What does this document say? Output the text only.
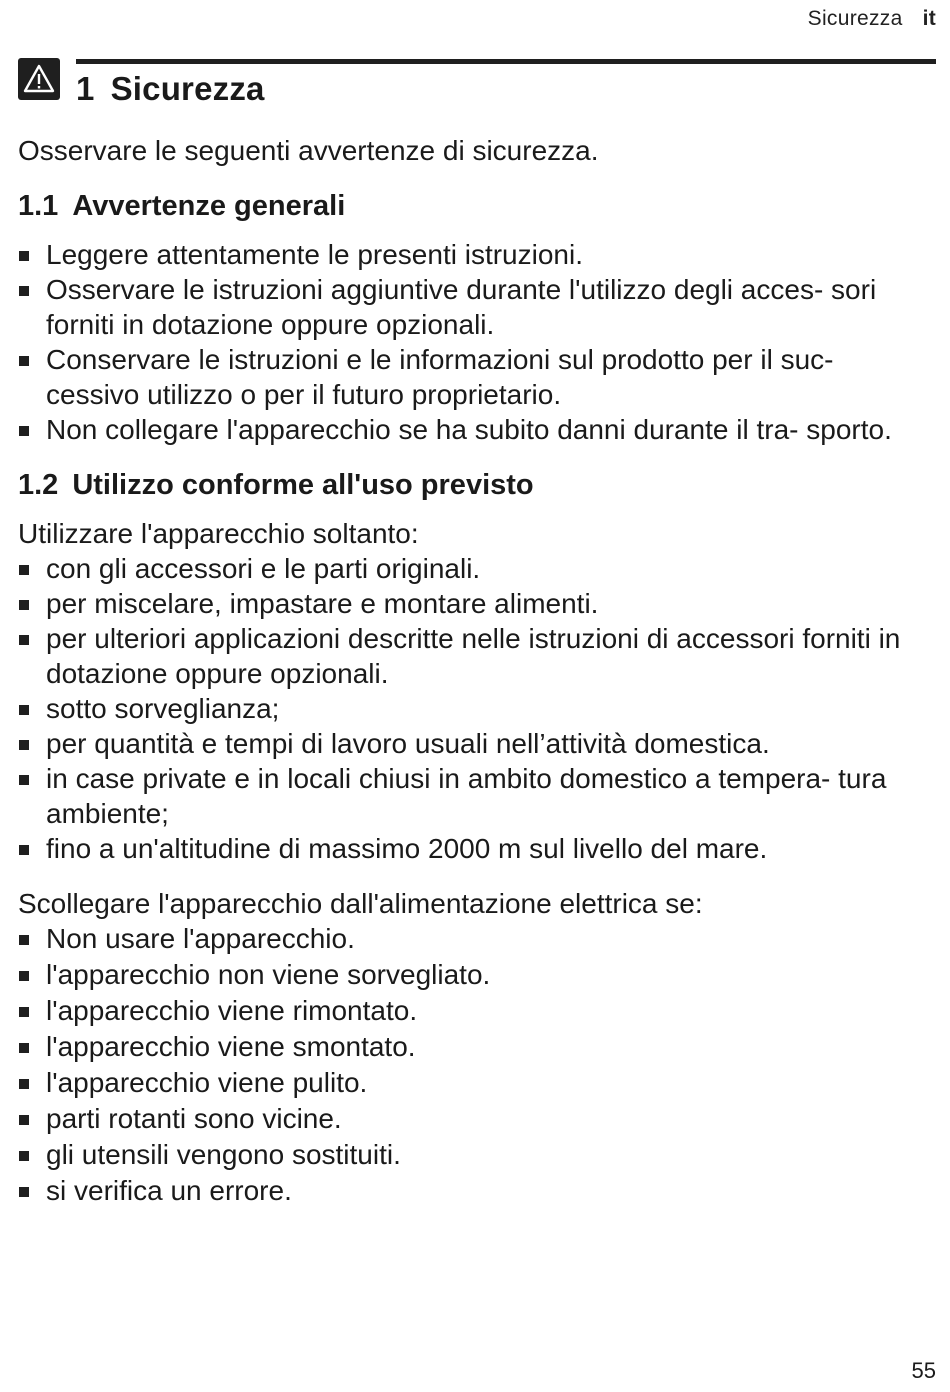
Sicurezza it
1 Sicurezza

Osservare le seguenti avvertenze di sicurezza.

1.1 Avvertenze generali
Leggere attentamente le presenti istruzioni.
Osservare le istruzioni aggiuntive durante l'utilizzo degli acces- sori forniti in dotazione oppure opzionali.
Conservare le istruzioni e le informazioni sul prodotto per il suc- cessivo utilizzo o per il futuro proprietario.
Non collegare l'apparecchio se ha subito danni durante il tra- sporto.
1.2 Utilizzo conforme all'uso previsto

Utilizzare l'apparecchio soltanto:

con gli accessori e le parti originali.
per miscelare, impastare e montare alimenti.
per ulteriori applicazioni descritte nelle istruzioni di accessori forniti in dotazione oppure opzionali.
sotto sorveglianza;
per quantità e tempi di lavoro usuali nell’attività domestica.
in case private e in locali chiusi in ambito domestico a tempera- tura ambiente;
fino a un'altitudine di massimo 2000 m sul livello del mare.

Scollegare l'apparecchio dall'alimentazione elettrica se:

Non usare l'apparecchio.
l'apparecchio non viene sorvegliato.
l'apparecchio viene rimontato.
l'apparecchio viene smontato.
l'apparecchio viene pulito.
parti rotanti sono vicine.
gli utensili vengono sostituiti.
si verifica un errore.
55
